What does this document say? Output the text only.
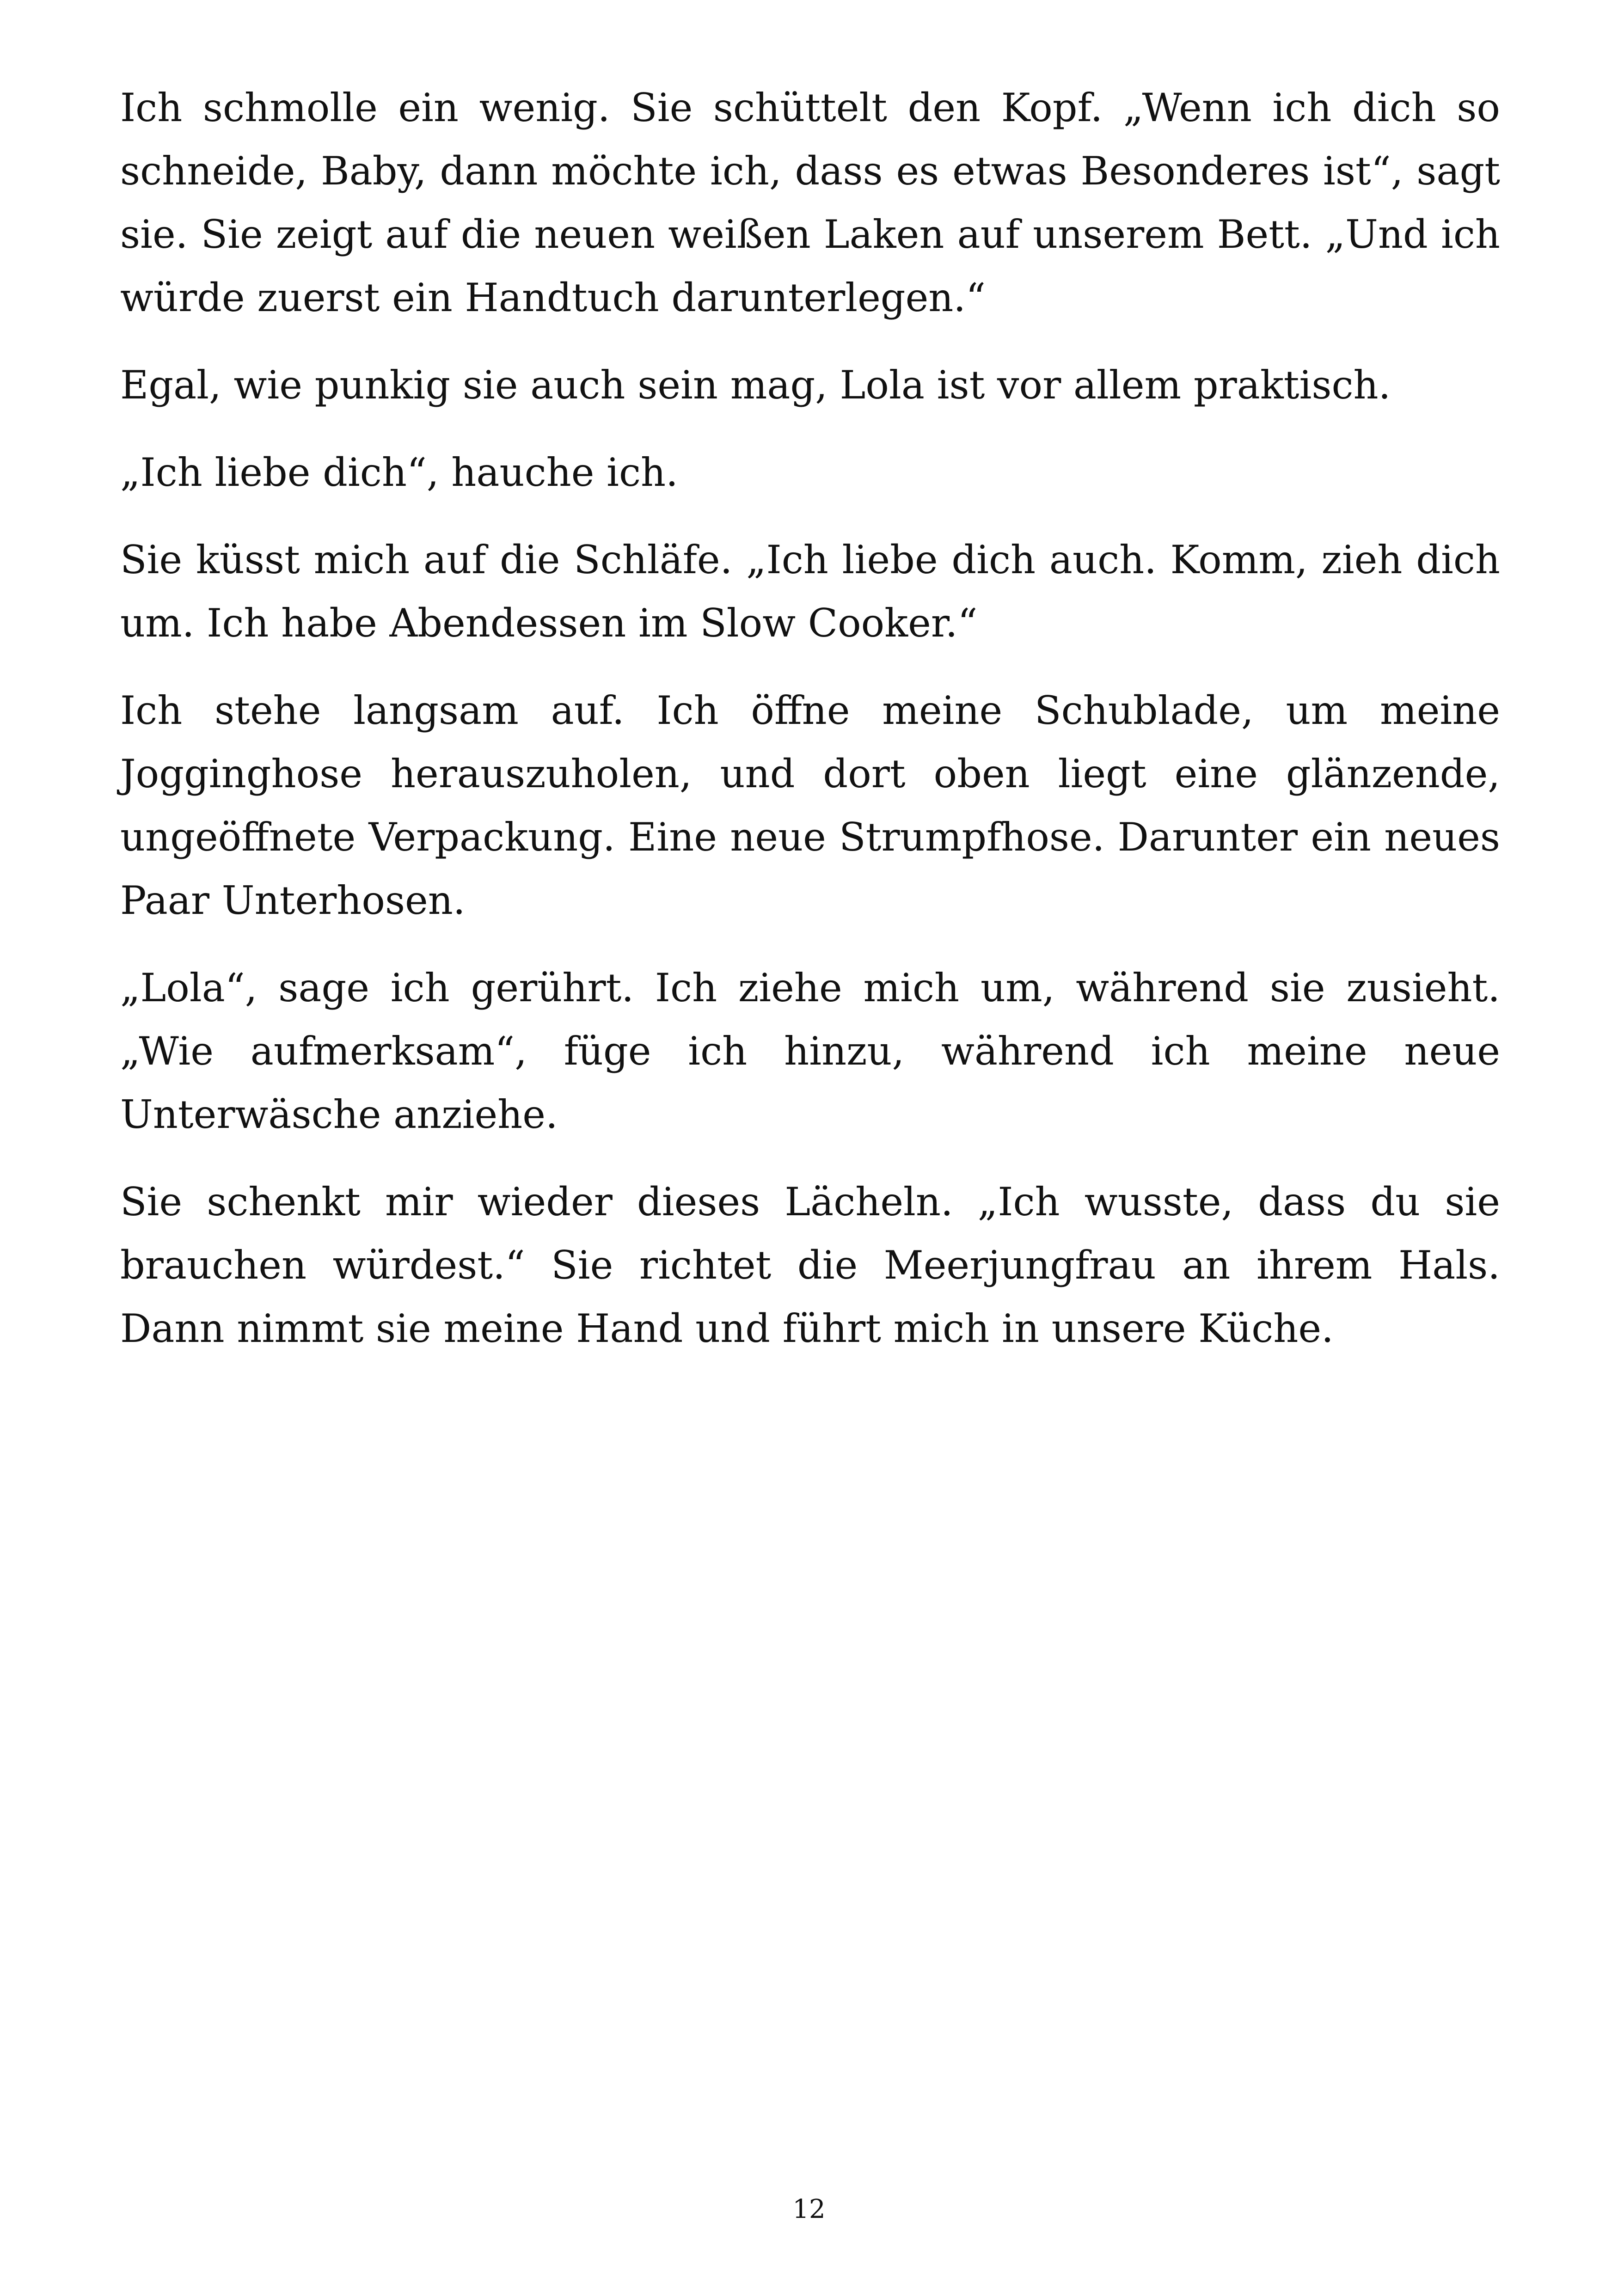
Ich schmolle ein wenig. Sie schüttelt den Kopf. „Wenn ich dich so schneide, Baby, dann möchte ich, dass es etwas Besonderes ist“, sagt sie. Sie zeigt auf die neuen weißen Laken auf unserem Bett. „Und ich würde zuerst ein Handtuch darunterlegen.“

Egal, wie punkig sie auch sein mag, Lola ist vor allem praktisch.

„Ich liebe dich“, hauche ich.

Sie küsst mich auf die Schläfe. „Ich liebe dich auch. Komm, zieh dich um. Ich habe Abendessen im Slow Cooker.“

Ich stehe langsam auf. Ich öffne meine Schublade, um meine Jogginghose herauszuholen, und dort oben liegt eine glänzende, ungeöffnete Verpackung. Eine neue Strumpfhose. Darunter ein neues Paar Unterhosen.

„Lola“, sage ich gerührt. Ich ziehe mich um, während sie zusieht. „Wie aufmerksam“, füge ich hinzu, während ich meine neue Unterwäsche anziehe.

Sie schenkt mir wieder dieses Lächeln. „Ich wusste, dass du sie brauchen würdest.“ Sie richtet die Meerjungfrau an ihrem Hals. Dann nimmt sie meine Hand und führt mich in unsere Küche.

12
